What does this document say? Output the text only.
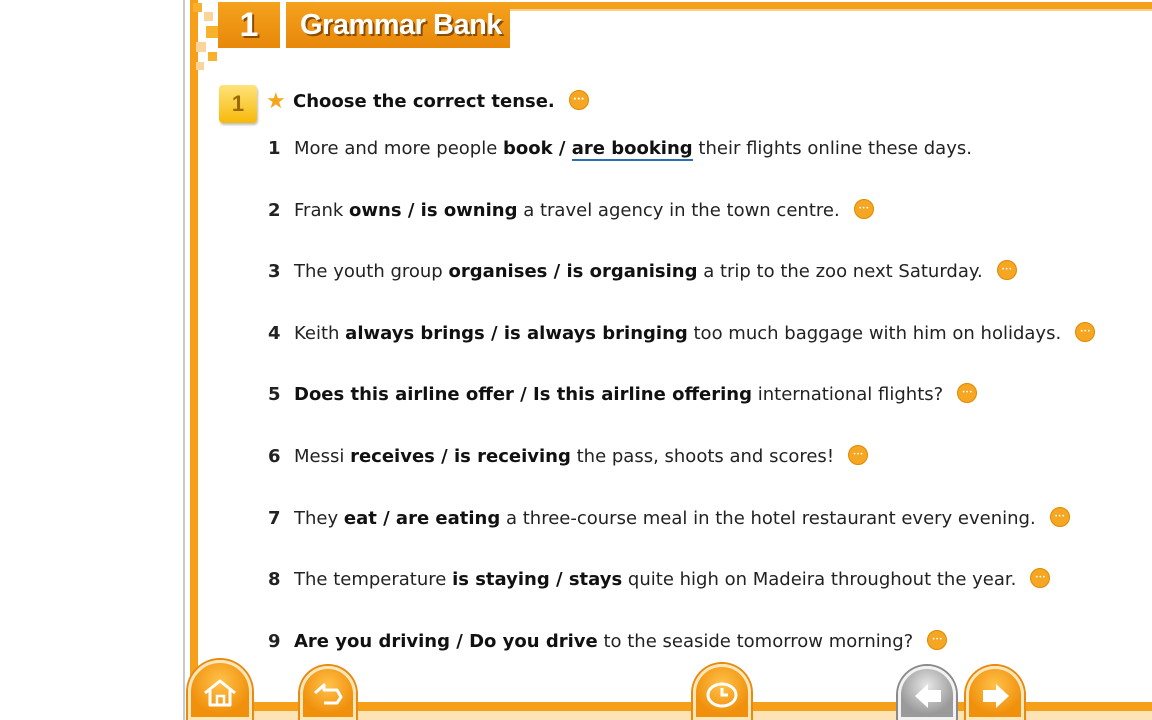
1	Grammar Bank
1 ★ Choose the correct tense.•••
1 More and more people book / are booking their flights online these days.
2 Frank owns / is owning a travel agency in the town centre.•••
3 The youth group organises / is organising a trip to the zoo next Saturday.•••
4 Keith always brings / is always bringing too much baggage with him on holidays.•••
5 Does this airline offer / Is this airline offering international flights?•••
6 Messi receives / is receiving the pass, shoots and scores!•••
7 They eat / are eating a three-course meal in the hotel restaurant every evening.•••
8 The temperature is staying / stays quite high on Madeira throughout the year.•••
9 Are you driving / Do you drive to the seaside tomorrow morning?•••
